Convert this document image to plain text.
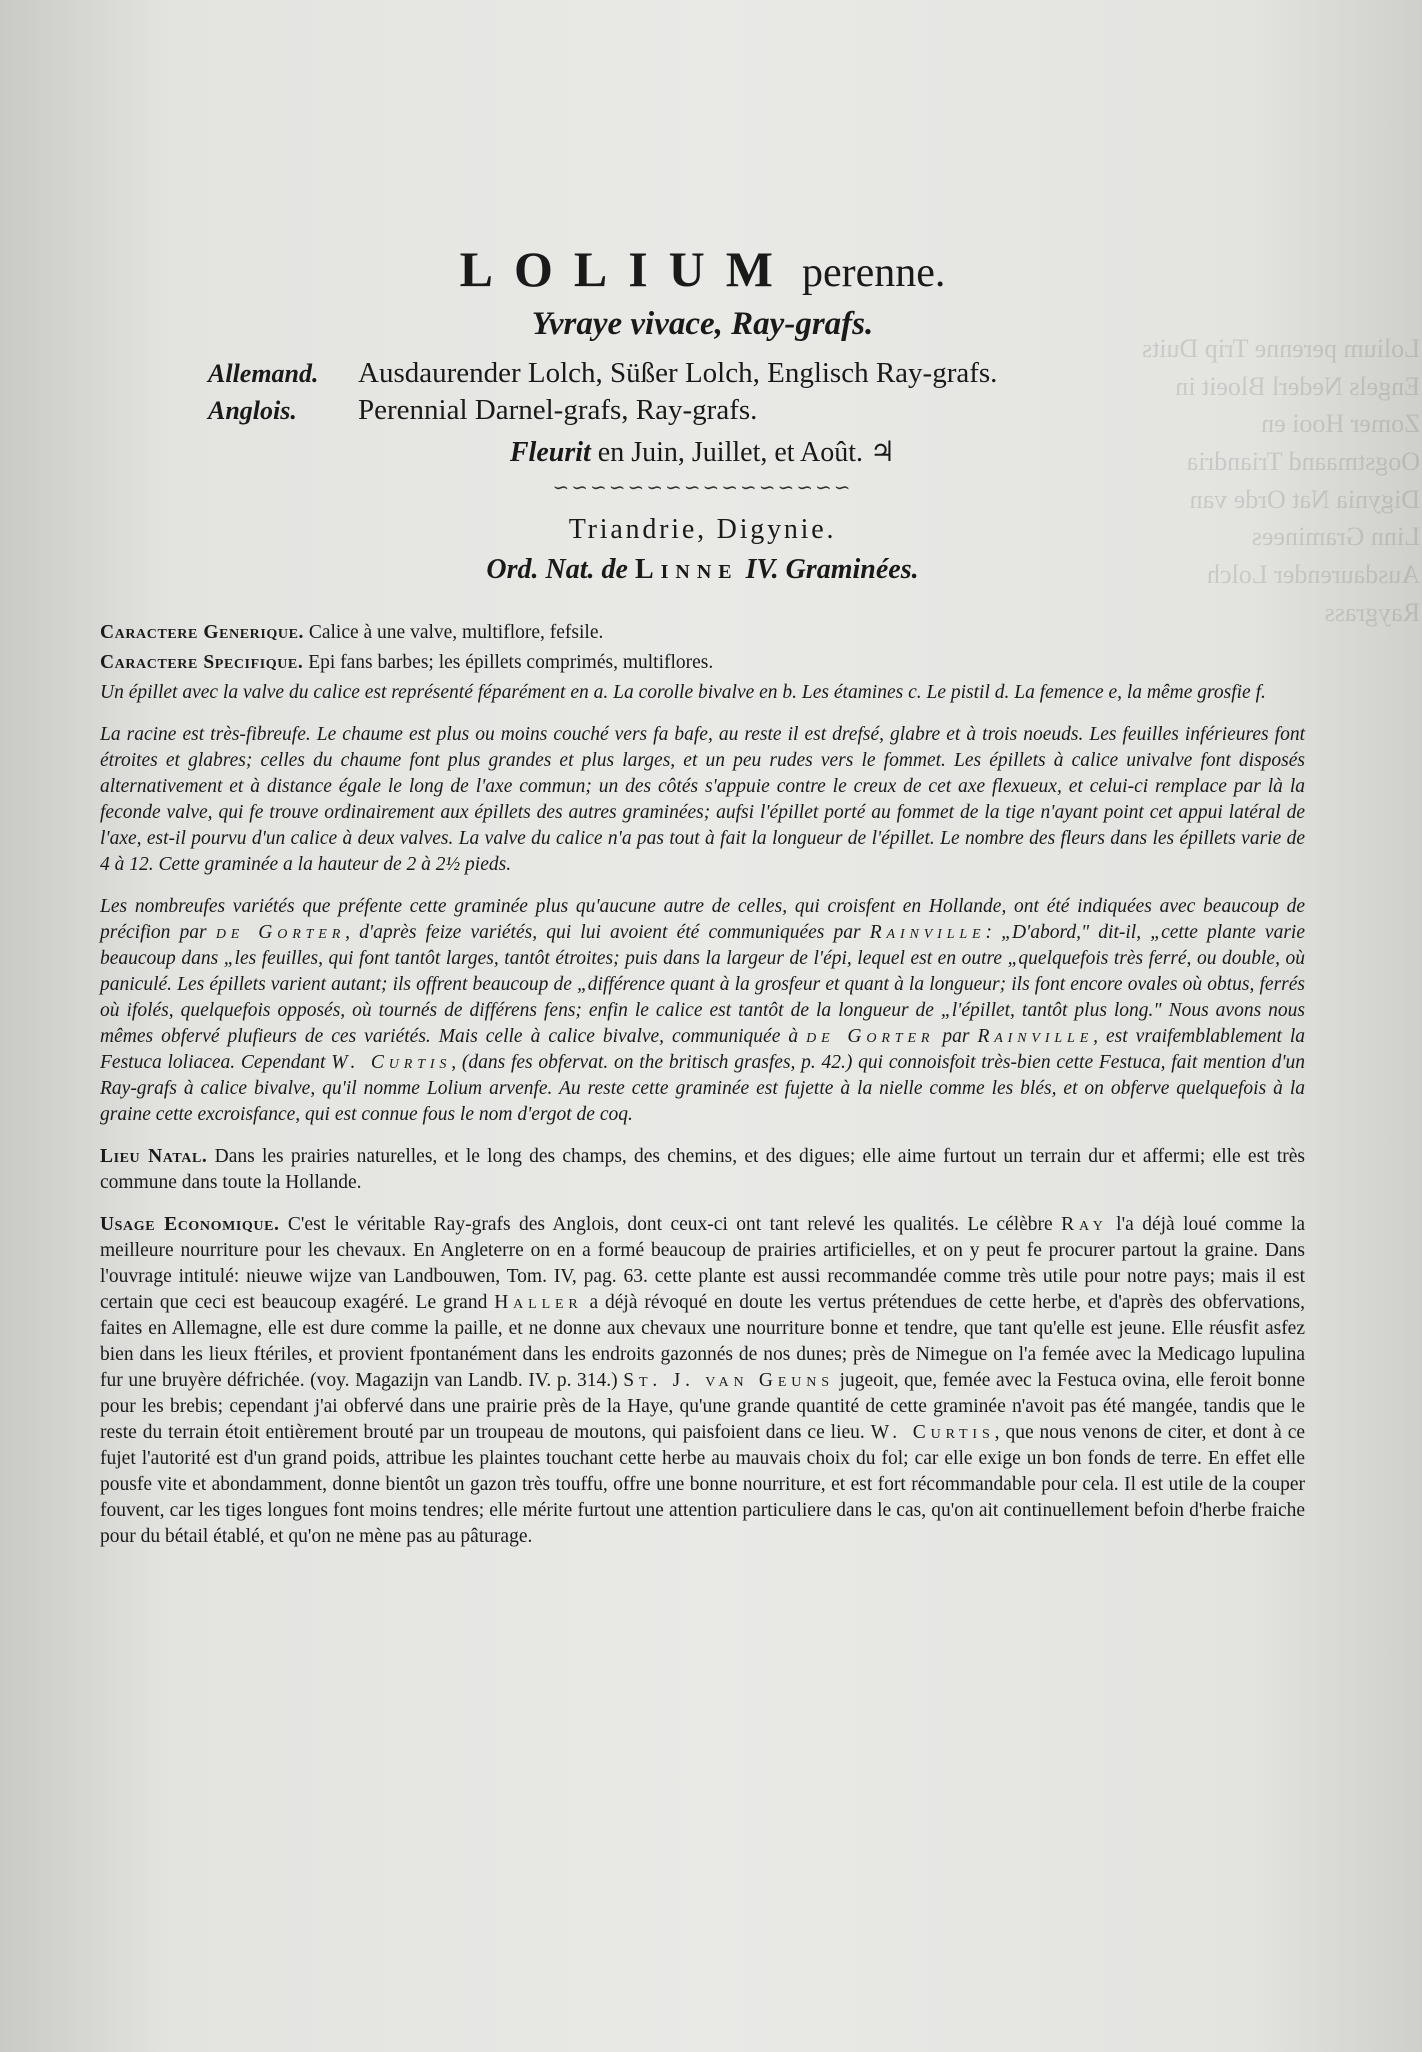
Lolium perenne Trip Duits Engels Nederl Bloeit in Zomer Hooi en Oogstmaand Triandria Digynia Nat Orde van Linn Graminees Ausdaurender Lolch Raygrass
LOLIUM perenne.
Yvraye vivace, Ray-grafs.
Allemand.	Ausdaurender Lolch, Süßer Lolch, Englisch Ray-grafs.
Anglois.	Perennial Darnel-grafs, Ray-grafs.
Fleurit en Juin, Juillet, et Août. ♃
∽∽∽∽∽∽∽∽∽∽∽∽∽∽∽∽
Triandrie, Digynie.
Ord. Nat. de Linne IV. Graminées.

Caractere Generique. Calice à une valve, multiflore, fefsile.

Caractere Specifique. Epi fans barbes; les épillets comprimés, multiflores.

Un épillet avec la valve du calice est représenté féparément en a. La corolle bivalve en b. Les étamines c. Le pistil d. La femence e, la même grosfie f.

La racine est très-fibreufe. Le chaume est plus ou moins couché vers fa bafe, au reste il est drefsé, glabre et à trois noeuds. Les feuilles inférieures font étroites et glabres; celles du chaume font plus grandes et plus larges, et un peu rudes vers le fommet. Les épillets à calice univalve font disposés alternativement et à distance égale le long de l'axe commun; un des côtés s'appuie contre le creux de cet axe flexueux, et celui-ci remplace par là la feconde valve, qui fe trouve ordinairement aux épillets des autres graminées; aufsi l'épillet porté au fommet de la tige n'ayant point cet appui latéral de l'axe, est-il pourvu d'un calice à deux valves. La valve du calice n'a pas tout à fait la longueur de l'épillet. Le nombre des fleurs dans les épillets varie de 4 à 12. Cette graminée a la hauteur de 2 à 2½ pieds.

Les nombreufes variétés que préfente cette graminée plus qu'aucune autre de celles, qui croisfent en Hollande, ont été indiquées avec beaucoup de précifion par de Gorter, d'après feize variétés, qui lui avoient été communiquées par Rainville: „D'abord," dit-il, „cette plante varie beaucoup dans „les feuilles, qui font tantôt larges, tantôt étroites; puis dans la largeur de l'épi, lequel est en outre „quelquefois très ferré, ou double, où paniculé. Les épillets varient autant; ils offrent beaucoup de „différence quant à la grosfeur et quant à la longueur; ils font encore ovales où obtus, ferrés où ifolés, quelquefois opposés, où tournés de différens fens; enfin le calice est tantôt de la longueur de „l'épillet, tantôt plus long." Nous avons nous mêmes obfervé plufieurs de ces variétés. Mais celle à calice bivalve, communiquée à de Gorter par Rainville, est vraifemblablement la Festuca loliacea. Cependant W. Curtis, (dans fes obfervat. on the britisch grasfes, p. 42.) qui connoisfoit très-bien cette Festuca, fait mention d'un Ray-grafs à calice bivalve, qu'il nomme Lolium arvenfe. Au reste cette graminée est fujette à la nielle comme les blés, et on obferve quelquefois à la graine cette excroisfance, qui est connue fous le nom d'ergot de coq.

Lieu Natal. Dans les prairies naturelles, et le long des champs, des chemins, et des digues; elle aime furtout un terrain dur et affermi; elle est très commune dans toute la Hollande.

Usage Economique. C'est le véritable Ray-grafs des Anglois, dont ceux-ci ont tant relevé les qualités. Le célèbre Ray l'a déjà loué comme la meilleure nourriture pour les chevaux. En Angleterre on en a formé beaucoup de prairies artificielles, et on y peut fe procurer partout la graine. Dans l'ouvrage intitulé: nieuwe wijze van Landbouwen, Tom. IV, pag. 63. cette plante est aussi recommandée comme très utile pour notre pays; mais il est certain que ceci est beaucoup exagéré. Le grand Haller a déjà révoqué en doute les vertus prétendues de cette herbe, et d'après des obfervations, faites en Allemagne, elle est dure comme la paille, et ne donne aux chevaux une nourriture bonne et tendre, que tant qu'elle est jeune. Elle réusfit asfez bien dans les lieux ftériles, et provient fpontanément dans les endroits gazonnés de nos dunes; près de Nimegue on l'a femée avec la Medicago lupulina fur une bruyère défrichée. (voy. Magazijn van Landb. IV. p. 314.) St. J. van Geuns jugeoit, que, femée avec la Festuca ovina, elle feroit bonne pour les brebis; cependant j'ai obfervé dans une prairie près de la Haye, qu'une grande quantité de cette graminée n'avoit pas été mangée, tandis que le reste du terrain étoit entièrement brouté par un troupeau de moutons, qui paisfoient dans ce lieu. W. Curtis, que nous venons de citer, et dont à ce fujet l'autorité est d'un grand poids, attribue les plaintes touchant cette herbe au mauvais choix du fol; car elle exige un bon fonds de terre. En effet elle pousfe vite et abondamment, donne bientôt un gazon très touffu, offre une bonne nourriture, et est fort récommandable pour cela. Il est utile de la couper fouvent, car les tiges longues font moins tendres; elle mérite furtout une attention particuliere dans le cas, qu'on ait continuellement befoin d'herbe fraiche pour du bétail établé, et qu'on ne mène pas au pâturage.
